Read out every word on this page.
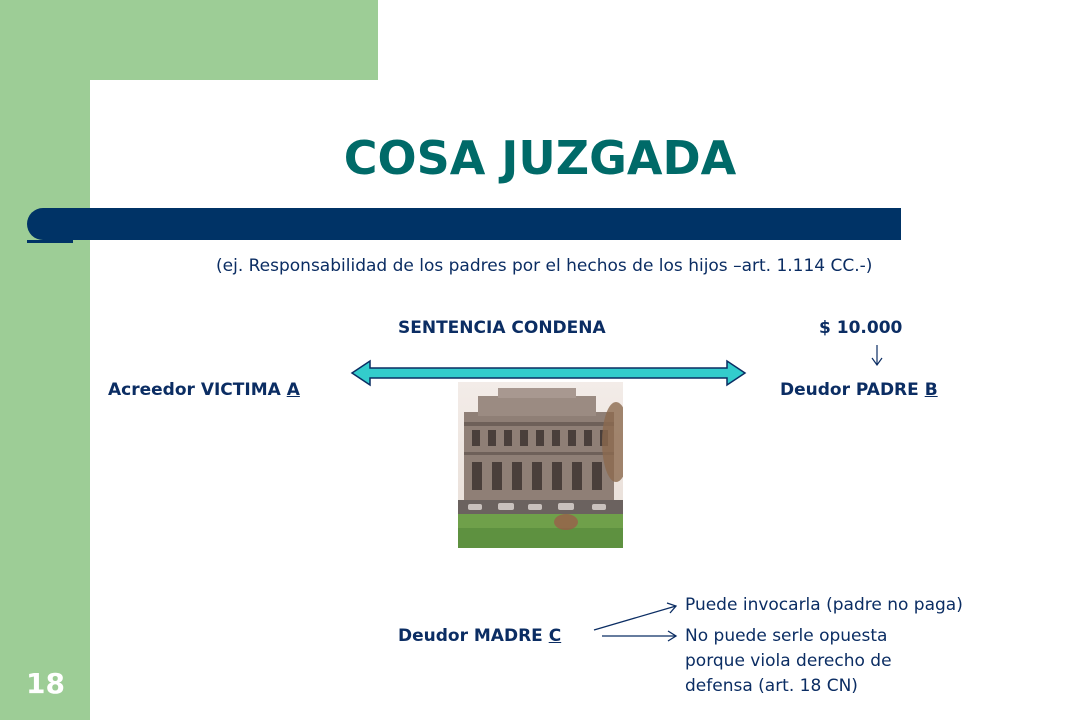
COSA JUZGADA
(ej. Responsabilidad de los padres por el hechos de los hijos –art. 1.114 CC.-)
SENTENCIA CONDENA	$ 10.000
Acreedor VICTIMA A	Deudor PADRE B
Deudor MADRE C
Puede invocarla (padre no paga)
No puede serle opuesta
porque viola derecho de
defensa (art. 18 CN)
18
